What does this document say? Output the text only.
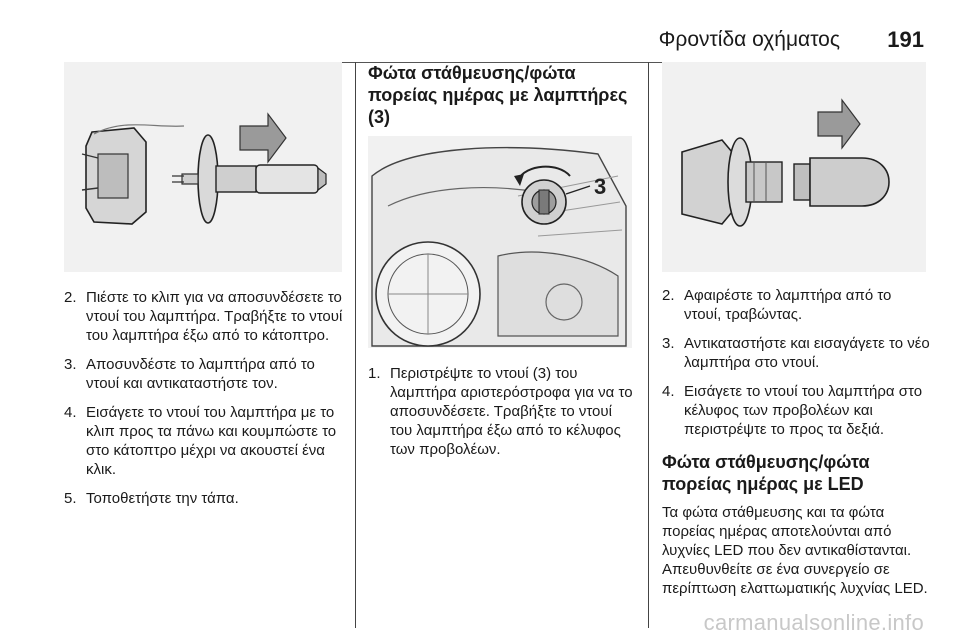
Φροντίδα οχήματος 191
2. Πιέστε το κλιπ για να αποσυνδέσετε το ντουί του λαμπτήρα. Τραβήξτε το ντουί του λαμπτήρα έξω από το κάτοπτρο.
3. Αποσυνδέστε το λαμπτήρα από το ντουί και αντικαταστήστε τον.
4. Εισάγετε το ντουί του λαμπτήρα με το κλιπ προς τα πάνω και κουμπώστε το στο κάτοπτρο μέχρι να ακουστεί ένα κλικ.
5. Τοποθετήστε την τάπα.
Φώτα στάθμευσης/φώτα πορείας ημέρας με λαμπτήρες (3)
3
1. Περιστρέψτε το ντουί (3) του λαμπτήρα αριστερόστροφα για να το αποσυνδέσετε. Τραβήξτε το ντουί του λαμπτήρα έξω από το κέλυφος των προβολέων.
2. Αφαιρέστε το λαμπτήρα από το ντουί, τραβώντας.
3. Αντικαταστήστε και εισαγάγετε το νέο λαμπτήρα στο ντουί.
4. Εισάγετε το ντουί του λαμπτήρα στο κέλυφος των προβολέων και περιστρέψτε το προς τα δεξιά.
Φώτα στάθμευσης/φώτα πορείας ημέρας με LED

Τα φώτα στάθμευσης και τα φώτα πορείας ημέρας αποτελούνται από λυχνίες LED που δεν αντικαθίστανται.

Απευθυνθείτε σε ένα συνεργείο σε περίπτωση ελαττωματικής λυχνίας LED.

carmanualsonline.info
